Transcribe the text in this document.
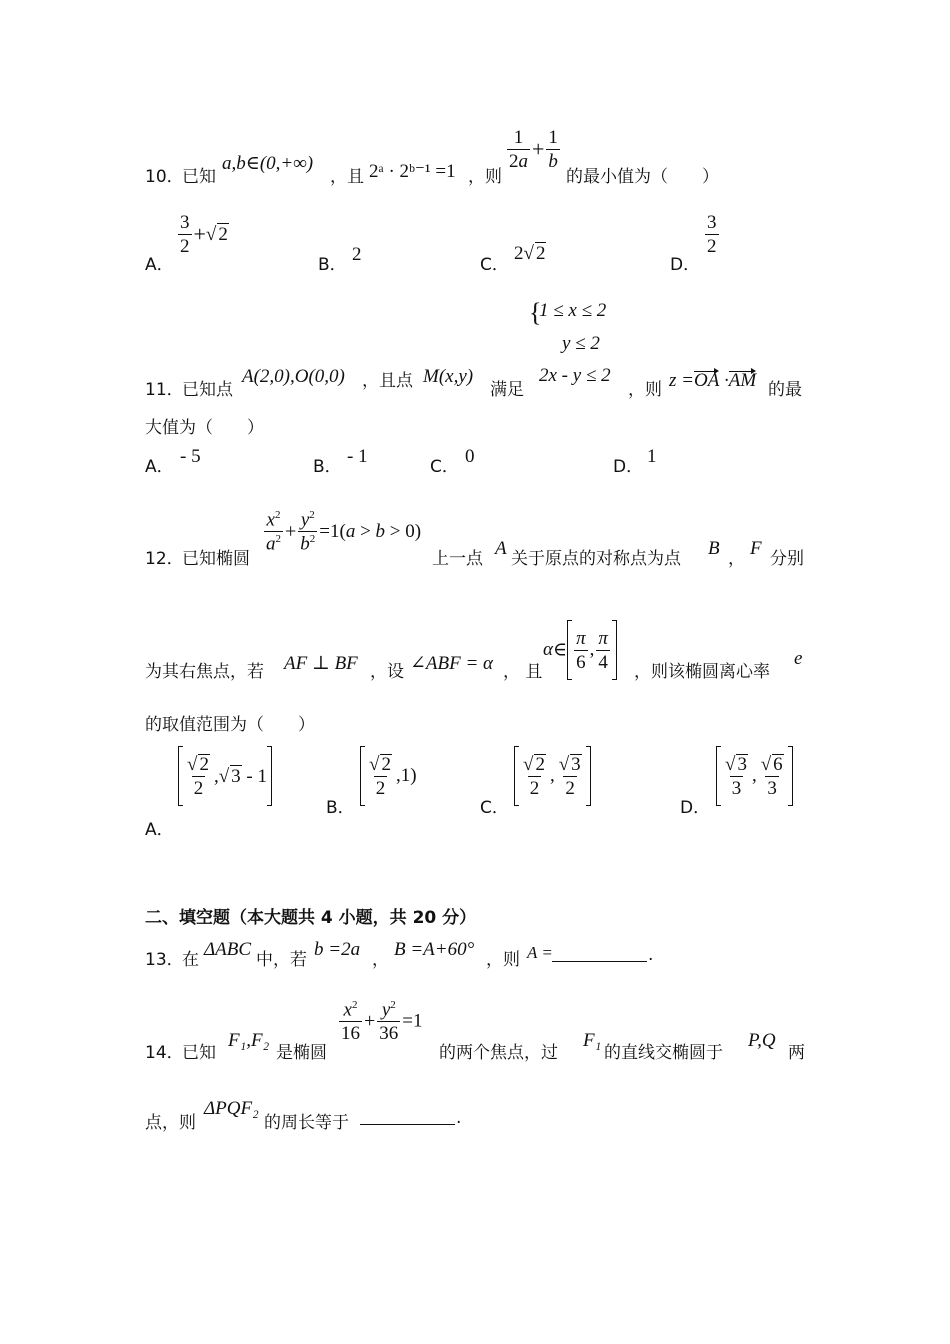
10．
已知
a,b∈(0,+∞)
，且 2ᵃ · 2ᵇ⁻¹ =1 ，则
$\frac{1}{2a} + \frac{1}{b}$
的最小值为（　　）
A．
$\frac{3}{2}$ +√ 2
B． 2	C．
2√ 2
D．
$\frac{3}{2}$
11．
已知点
A(2,0),O(0,0) ，且点 M(x,y)
满足
{
1 ≤ x ≤ 2
y ≤ 2
2x - y ≤ 2
，则 z =OA ·AM 的最
大值为（　　）
A． - 5	B． - 1	C． 0	D． 1
12．
已知椭圆
$\frac{x^2}{a^2} + \frac{y^2}{b^2} =1(a > b > 0)$
上一点 A 关于原点的对称点为点 B ， F 分别
为其右焦点，若 AF ⊥ BF ，设 ∠ABF = α ， 且
α∈ $\frac{\pi}{6}$ , $\frac{\pi}{4}$
，则该椭圆离心率
e
的取值范围为（　　）
$\frac{√ 2}{2}$ ,√ 3 - 1
A．
B．
$\frac{√ 2}{2} ,1$)
C．
$\frac{√ 2}{2}$ , $\frac{√ 3}{2}$
D．
$\frac{√ 3}{3}$ , $\frac{√ 6}{3}$
二、填空题（本大题共 4 小题，共 20 分）
13．
在 ΔABC 中，若 b =2a ， B =A+60° ，则 A =	.
14．
已知
F₁,F₂
是椭圆
$\frac{x^2}{16} + \frac{y^2}{36} =1$
的两个焦点，过
F₁
的直线交椭圆于
P,Q
两
点，则
ΔPQF₂
的周长等于	.
